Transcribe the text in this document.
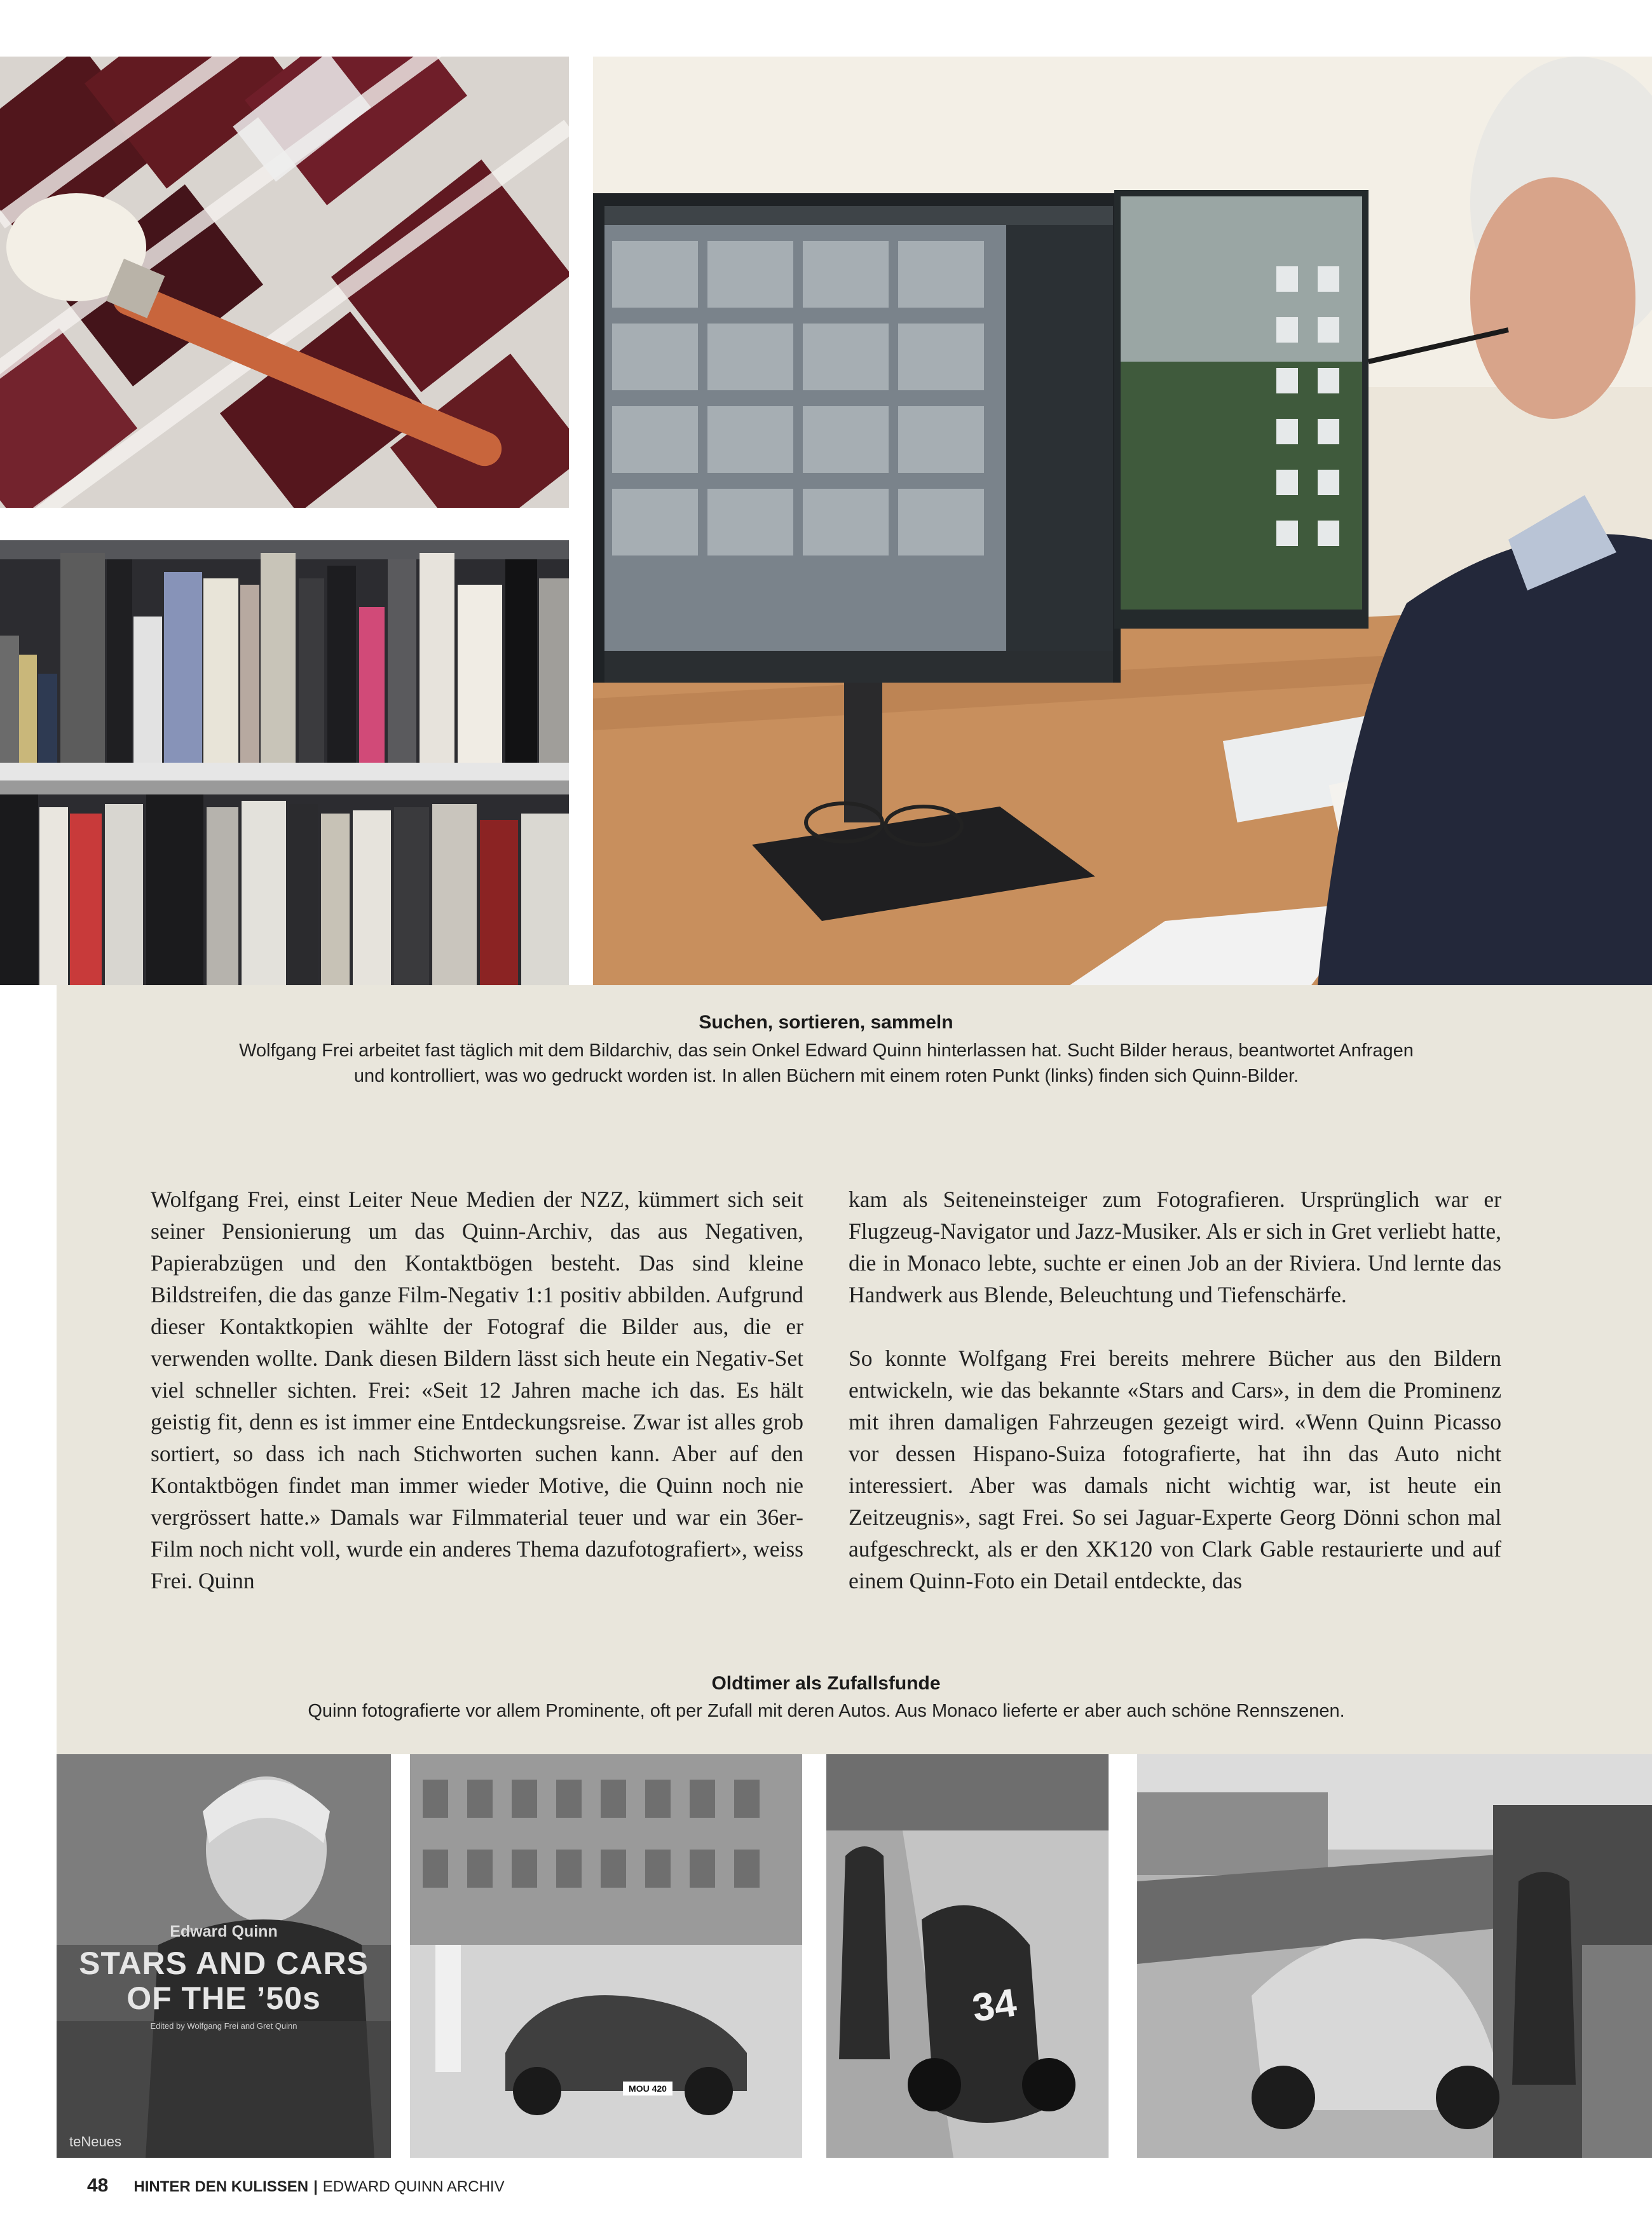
Suchen, sortieren, sammeln
Wolfgang Frei arbeitet fast täglich mit dem Bildarchiv, das sein Onkel Edward Quinn hinterlassen hat. Sucht Bilder heraus, beantwortet Anfragen
und kontrolliert, was wo gedruckt worden ist. In allen Büchern mit einem roten Punkt (links) finden sich Quinn-Bilder.

Wolfgang Frei, einst Leiter Neue Medien der NZZ, kümmert sich seit seiner Pensionierung um das Quinn-Archiv, das aus Negativen, Papierabzügen und den Kontaktbögen besteht. Das sind kleine Bildstreifen, die das ganze Film-Negativ 1:1 positiv abbilden. Aufgrund dieser Kontaktkopien wählte der Fotograf die Bilder aus, die er verwenden wollte. Dank diesen Bildern lässt sich heute ein Negativ-Set viel schneller sichten. Frei: «Seit 12 Jahren mache ich das. Es hält geistig fit, denn es ist immer eine Entdeckungsreise. Zwar ist alles grob sortiert, so dass ich nach Stichworten suchen kann. Aber auf den Kontaktbögen findet man immer wieder Motive, die Quinn noch nie vergrössert hatte.» Damals war Filmmaterial teuer und war ein 36er-Film noch nicht voll, wurde ein anderes Thema dazufotografiert», weiss Frei. Quinn

kam als Seiteneinsteiger zum Fotografieren. Ursprünglich war er Flugzeug-Navigator und Jazz-Musiker. Als er sich in Gret verliebt hatte, die in Monaco lebte, suchte er einen Job an der Riviera. Und lernte das Handwerk aus Blende, Beleuchtung und Tiefenschärfe.

So konnte Wolfgang Frei bereits mehrere Bücher aus den Bildern entwickeln, wie das bekannte «Stars and Cars», in dem die Prominenz mit ihren damaligen Fahrzeugen gezeigt wird. «Wenn Quinn Picasso vor dessen Hispano-Suiza fotografierte, hat ihn das Auto nicht interessiert. Aber was damals nicht wichtig war, ist heute ein Zeitzeugnis», sagt Frei. So sei Jaguar-Experte Georg Dönni schon mal aufgeschreckt, als er den XK120 von Clark Gable restaurierte und auf einem Quinn-Foto ein Detail entdeckte, das

Oldtimer als Zufallsfunde
Quinn fotografierte vor allem Prominente, oft per Zufall mit deren Autos. Aus Monaco lieferte er aber auch schöne Rennszenen.
Edward Quinn
STARS AND CARS
OF THE ’50s
Edited by Wolfgang Frei and Gret Quinn
teNeues
MOU 420
34
48 HINTER DEN KULISSEN | EDWARD QUINN ARCHIV
